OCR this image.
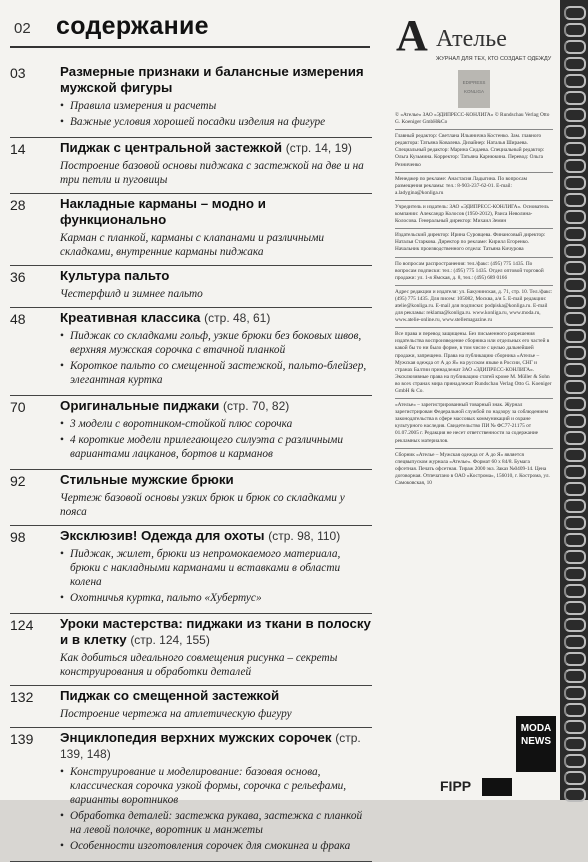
02 содержание
03	Размерные признаки и балансные измерения мужской фигуры
• Правила измерения и расчеты
• Важные условия хорошей посадки изделия на фигуре
14	Пиджак с центральной застежкой (стр. 14, 19)
Построение базовой основы пиджака с застежкой на две и на три петли и пуговицы
28	Накладные карманы – модно и функционально
Карман с планкой, карманы с клапанами и различными складками, внутренние карманы пиджака
36	Культура пальто
Честерфилд и зимнее пальто
48	Креативная классика (стр. 48, 61)
• Пиджак со складками гольф, узкие брюки без боковых швов, верхняя мужская сорочка с втачной планкой
• Короткое пальто со смещенной застежкой, пальто-блейзер, элегантная куртка
70	Оригинальные пиджаки (стр. 70, 82)
• 3 модели с воротником-стойкой плюс сорочка
• 4 короткие модели прилегающего силуэта с различными вариантами лацканов, бортов и карманов
92	Стильные мужские брюки
Чертеж базовой основы узких брюк и брюк со складками у пояса
98	Эксклюзив! Одежда для охоты (стр. 98, 110)
• Пиджак, жилет, брюки из непромокаемого материала, брюки с накладными карманами и вставками в области колена
• Охотничья куртка, пальто «Хубертус»
124	Уроки мастерства: пиджаки из ткани в полоску и в клетку (стр. 124, 155)
Как добиться идеального совмещения рисунка – секреты конструирования и обработки деталей
132	Пиджак со смещенной застежкой
Построение чертежа на атлетическую фигуру
139	Энциклопедия верхних мужских сорочек (стр. 139, 148)
• Конструирование и моделирование: базовая основа, классическая сорочка узкой формы, сорочка с рельефами, варианты воротников
• Обработка деталей: застежка рукава, застежка с планкой на левой полочке, воротник и манжеты
• Особенности изготовления сорочек для смокинга и фрака
А Ателье
ЖУРНАЛ ДЛЯ ТЕХ, КТО СОЗДАЕТ ОДЕЖДУ
EDIPRESS
KONLIGA

© «Ателье» ЗАО «ЭДИПРЕСС-КОНЛИГА» © Rundschau Verlag Otto G. Koeniger GmbH&Co

Главный редактор: Светлана Ильинична Костенко. Зам. главного редактора: Татьяна Ковалева. Дизайнер: Наталья Шираева. Специальный редактор: Марина Сидаева. Специальный редактор: Ольга Кузьмина. Корректор: Татьяна Карнюкина. Перевод: Ольга Резниченко

Менеджер по рекламе: Анастасия Ладыгина. По вопросам размещения рекламы: тел.: 8-903-237-62-01. E-mail: a.ladygina@konliga.ru

Учредитель и издатель: ЗАО «ЭДИПРЕСС-КОНЛИГА». Основатель компании: Александр Колосов (1950-2012), Раиса Неволина-Колосова. Генеральный директор: Михаил Земин

Издательский директор: Ирина Суровцева. Финансовый директор: Наталья Старкова. Директор по рекламе: Кирилл Егоренко. Начальник производственного отдела: Татьяна Кичурова

По вопросам распространения: тел./факс: (495) 775 1435. По вопросам подписки: тел.: (495) 775 1435. Отдел оптовой торговой продажи: ул. 1-я Ямская, д. 8, тел.: (495) 689 0166

Адрес редакции и издателя: ул. Бакунинская, д. 71, стр. 10. Тел./факс: (495) 775 1435. Для писем: 105082, Москва, а/я 5. E-mail редакции: atelie@konliga.ru. E-mail для подписки: podpiska@konliga.ru. E-mail для рекламы: reklama@konliga.ru. www.konliga.ru, www.moda.ru, www.atelie-online.ru, www.stellemagazine.ru

Все права и перевод защищены. Без письменного разрешения издательства воспроизведение сборника или отдельных его частей в какой бы то ни было форме, в том числе с целью дальнейшей продажи, запрещено. Права на публикацию сборника «Ателье – Мужская одежда от А до Я» на русском языке в России, СНГ и странах Балтии принадлежат ЗАО «ЭДИПРЕСС-КОНЛИГА». Эксклюзивные права на публикацию статей кроме M. Müller & Sohn во всех странах мира принадлежат Rundschau Verlag Otto G. Koeniger GmbH & Co.

«Ателье» – зарегистрированный товарный знак. Журнал зарегистрирован Федеральной службой по надзору за соблюдением законодательства в сфере массовых коммуникаций и охране культурного наследия. Свидетельство ПИ № ФС77-21175 от 01.07.2005 г. Редакция не несет ответственности за содержание рекламных материалов.

Сборник «Ателье – Мужская одежда от А до Я» является спецвыпуском журнала «Ателье». Формат 60 х 84/8. Бумага офсетная. Печать офсетная. Тираж 2000 экз. Заказ №0409-14. Цена договорная. Отпечатано в ОАО «Кострома», 156010, г. Кострома, ул. Самоковская, 10

FIPP
MODA
NEWS
